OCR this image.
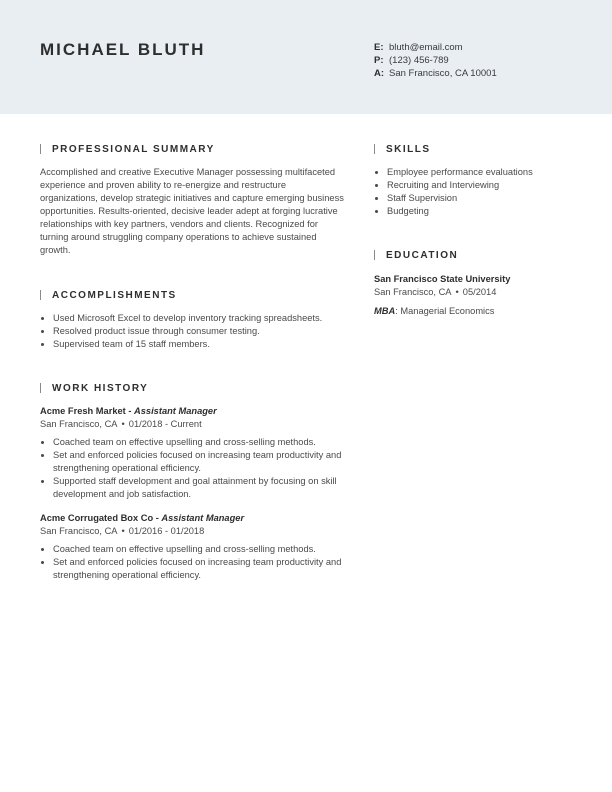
MICHAEL BLUTH	E: bluth@email.com
P: (123) 456-789
A: San Francisco, CA 10001
PROFESSIONAL SUMMARY
Accomplished and creative Executive Manager possessing multifaceted experience and proven ability to re-energize and restructure organizations, develop strategic initiatives and capture emerging business opportunities. Results-oriented, decisive leader adept at forging lucrative relationships with key partners, vendors and clients. Recognized for turning around struggling company operations to achieve sustained growth.
ACCOMPLISHMENTS
Used Microsoft Excel to develop inventory tracking spreadsheets.
Resolved product issue through consumer testing.
Supervised team of 15 staff members.
WORK HISTORY
Acme Fresh Market - Assistant Manager
San Francisco, CA • 01/2018 - Current
Coached team on effective upselling and cross-selling methods.
Set and enforced policies focused on increasing team productivity and strengthening operational efficiency.
Supported staff development and goal attainment by focusing on skill development and job satisfaction.
Acme Corrugated Box Co - Assistant Manager
San Francisco, CA • 01/2016 - 01/2018
Coached team on effective upselling and cross-selling methods.
Set and enforced policies focused on increasing team productivity and strengthening operational efficiency.
SKILLS
Employee performance evaluations
Recruiting and Interviewing
Staff Supervision
Budgeting
EDUCATION
San Francisco State University
San Francisco, CA • 05/2014
MBA: Managerial Economics
